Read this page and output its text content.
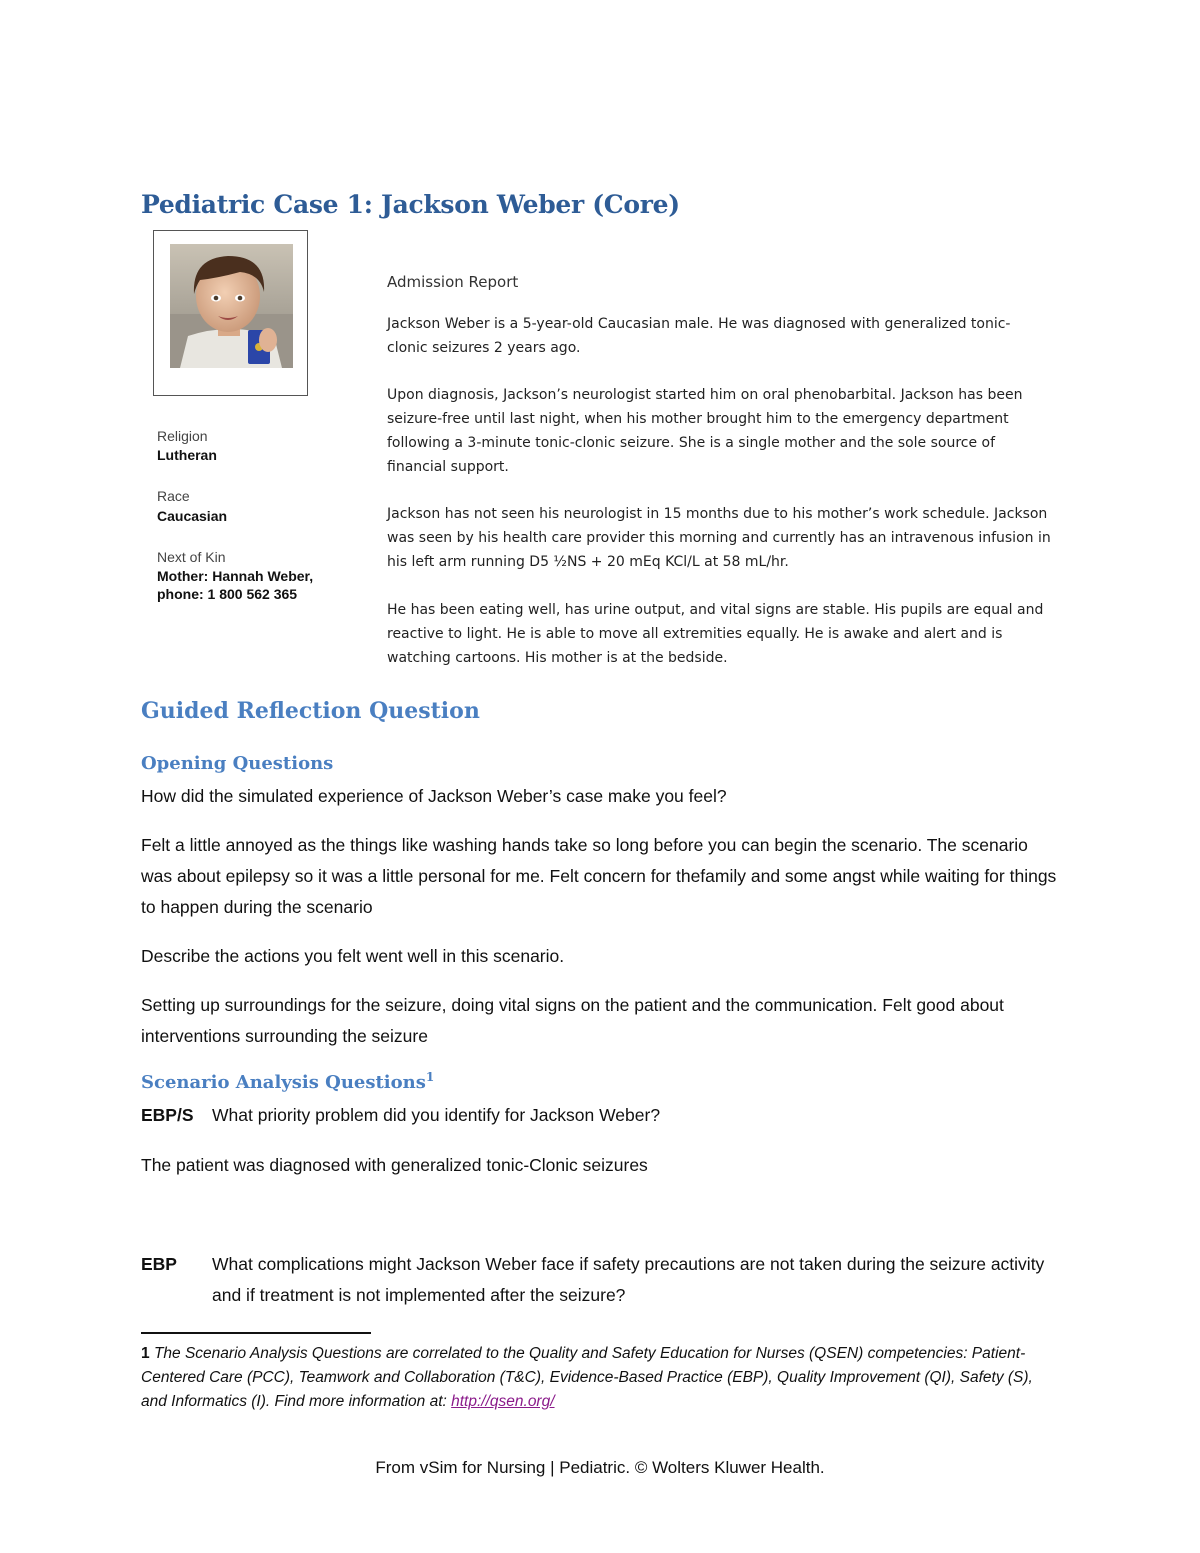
Pediatric Case 1: Jackson Weber (Core)
Religion
Lutheran
Race
Caucasian
Next of Kin
Mother: Hannah Weber,
phone: 1 800 562 365
Admission Report
Jackson Weber is a 5-year-old Caucasian male. He was diagnosed with generalized tonic-clonic seizures 2 years ago.
Upon diagnosis, Jackson’s neurologist started him on oral phenobarbital. Jackson has been seizure-free until last night, when his mother brought him to the emergency department following a 3-minute tonic-clonic seizure. She is a single mother and the sole source of financial support.
Jackson has not seen his neurologist in 15 months due to his mother’s work schedule. Jackson was seen by his health care provider this morning and currently has an intravenous infusion in his left arm running D5 ½NS + 20 mEq KCl/L at 58 mL/hr.
He has been eating well, has urine output, and vital signs are stable. His pupils are equal and reactive to light. He is able to move all extremities equally. He is awake and alert and is watching cartoons. His mother is at the bedside.
Guided Reflection Question
Opening Questions
How did the simulated experience of Jackson Weber’s case make you feel?
Felt a little annoyed as the things like washing hands take so long before you can begin the scenario. The scenario was about epilepsy so it was a little personal for me. Felt concern for thefamily and some angst while waiting for things to happen during the scenario
Describe the actions you felt went well in this scenario.
Setting up surroundings for the seizure, doing vital signs on the patient and the communication. Felt good about interventions surrounding the seizure
Scenario Analysis Questions$^1$
EBP/S	What priority problem did you identify for Jackson Weber?
The patient was diagnosed with generalized tonic-Clonic seizures
EBP	What complications might Jackson Weber face if safety precautions are not taken during the seizure activity and if treatment is not implemented after the seizure?
1 The Scenario Analysis Questions are correlated to the Quality and Safety Education for Nurses (QSEN) competencies: Patient-Centered Care (PCC), Teamwork and Collaboration (T&C), Evidence-Based Practice (EBP), Quality Improvement (QI), Safety (S), and Informatics (I). Find more information at: http://qsen.org/
From vSim for Nursing | Pediatric. © Wolters Kluwer Health.
